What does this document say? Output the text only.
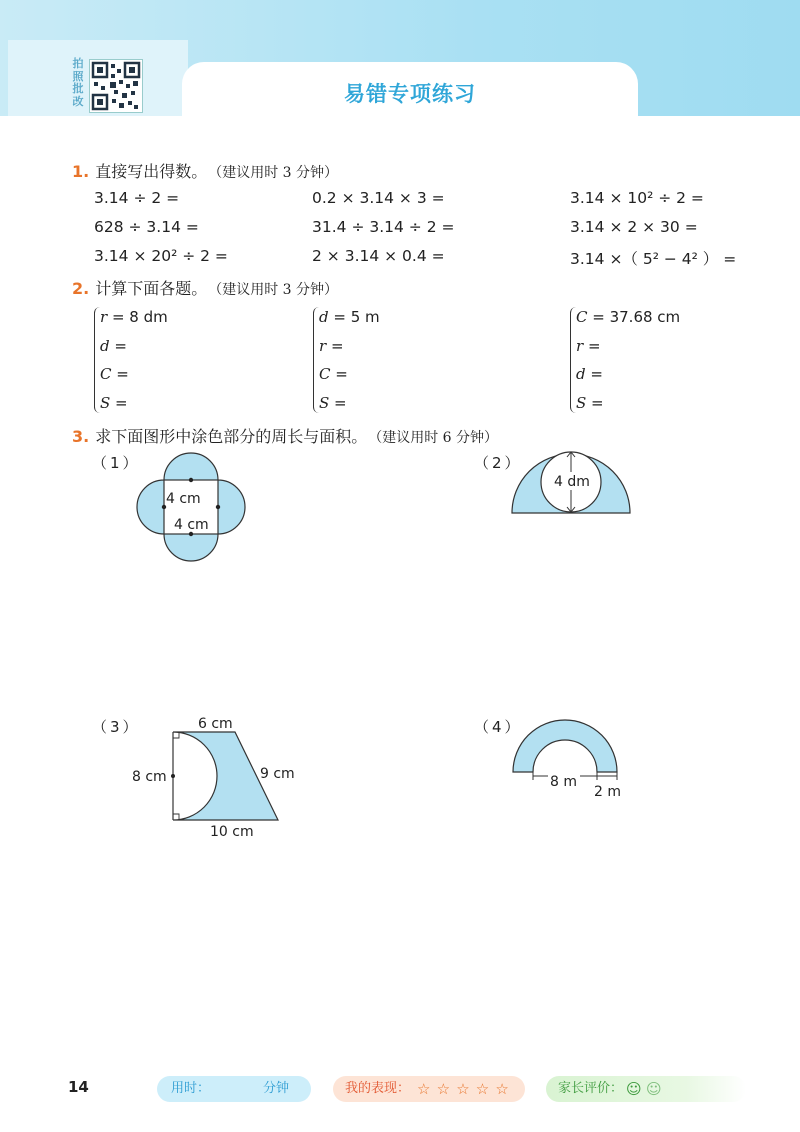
拍
照
批
改	易错专项练习
1. 直接写出得数。 （建议用时 3 分钟）
3.14 ÷ 2 =	0.2 × 3.14 × 3 =	3.14 × 10² ÷ 2 =
628 ÷ 3.14 =	31.4 ÷ 3.14 ÷ 2 =	3.14 × 2 × 30 =
3.14 × 20² ÷ 2 =	2 × 3.14 × 0.4 =	3.14 ×（ 5² − 4² ） =
2. 计算下面各题。 （建议用时 3 分钟）
r = 8 dm
d =
C =
S =
d = 5 m
r =
C =
S =
C = 37.68 cm
r =
d =
S =
3. 求下面图形中涂色部分的周长与面积。 （建议用时 6 分钟）
（1）	（2）
（3）	（4）
4 cm
4 cm
4 dm
6 cm
8 cm	9 cm
10 cm
8 m
2 m
14	用时：	分钟	我的表现： ☆ ☆ ☆ ☆ ☆	家长评价： ☺ ☺
